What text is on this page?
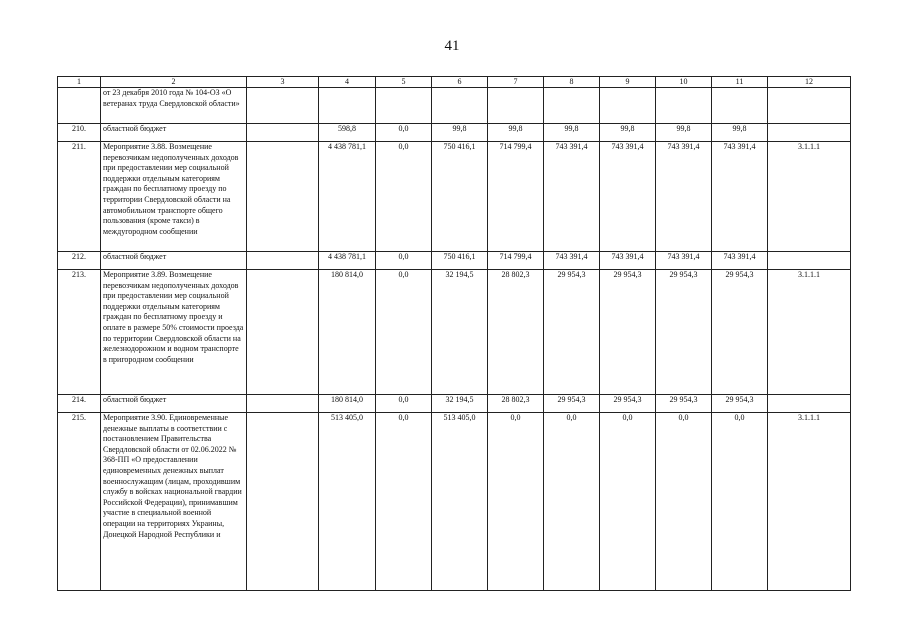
41
1	2	3	4	5	6	7	8	9	10	11	12
	от 23 декабря 2010 года № 104-ОЗ «О ветеранах труда Свердловской области»										
210.	областной бюджет		598,8	0,0	99,8	99,8	99,8	99,8	99,8	99,8	
211.	Мероприятие 3.88. Возмещение перевозчикам недополученных доходов при предоставлении мер социальной поддержки отдельным категориям граждан по бесплатному проезду по территории Свердловской области на автомобильном транспорте общего пользования (кроме такси) в междугородном сообщении		4 438 781,1	0,0	750 416,1	714 799,4	743 391,4	743 391,4	743 391,4	743 391,4	3.1.1.1
212.	областной бюджет		4 438 781,1	0,0	750 416,1	714 799,4	743 391,4	743 391,4	743 391,4	743 391,4	
213.	Мероприятие 3.89. Возмещение перевозчикам недополученных доходов при предоставлении мер социальной поддержки отдельным категориям граждан по бесплатному проезду и оплате в размере 50% стоимости проезда по территории Свердловской области на железнодорожном и водном транспорте в пригородном сообщении		180 814,0	0,0	32 194,5	28 802,3	29 954,3	29 954,3	29 954,3	29 954,3	3.1.1.1
214.	областной бюджет		180 814,0	0,0	32 194,5	28 802,3	29 954,3	29 954,3	29 954,3	29 954,3	
215.	Мероприятие 3.90. Единовременные денежные выплаты в соответствии с постановлением Правительства Свердловской области от 02.06.2022 № 368-ПП «О предоставлении единовременных денежных выплат военнослужащим (лицам, проходившим службу в войсках национальной гвардии Российской Федерации), принимавшим участие в специальной военной операции на территориях Украины, Донецкой Народной Республики и		513 405,0	0,0	513 405,0	0,0	0,0	0,0	0,0	0,0	3.1.1.1
